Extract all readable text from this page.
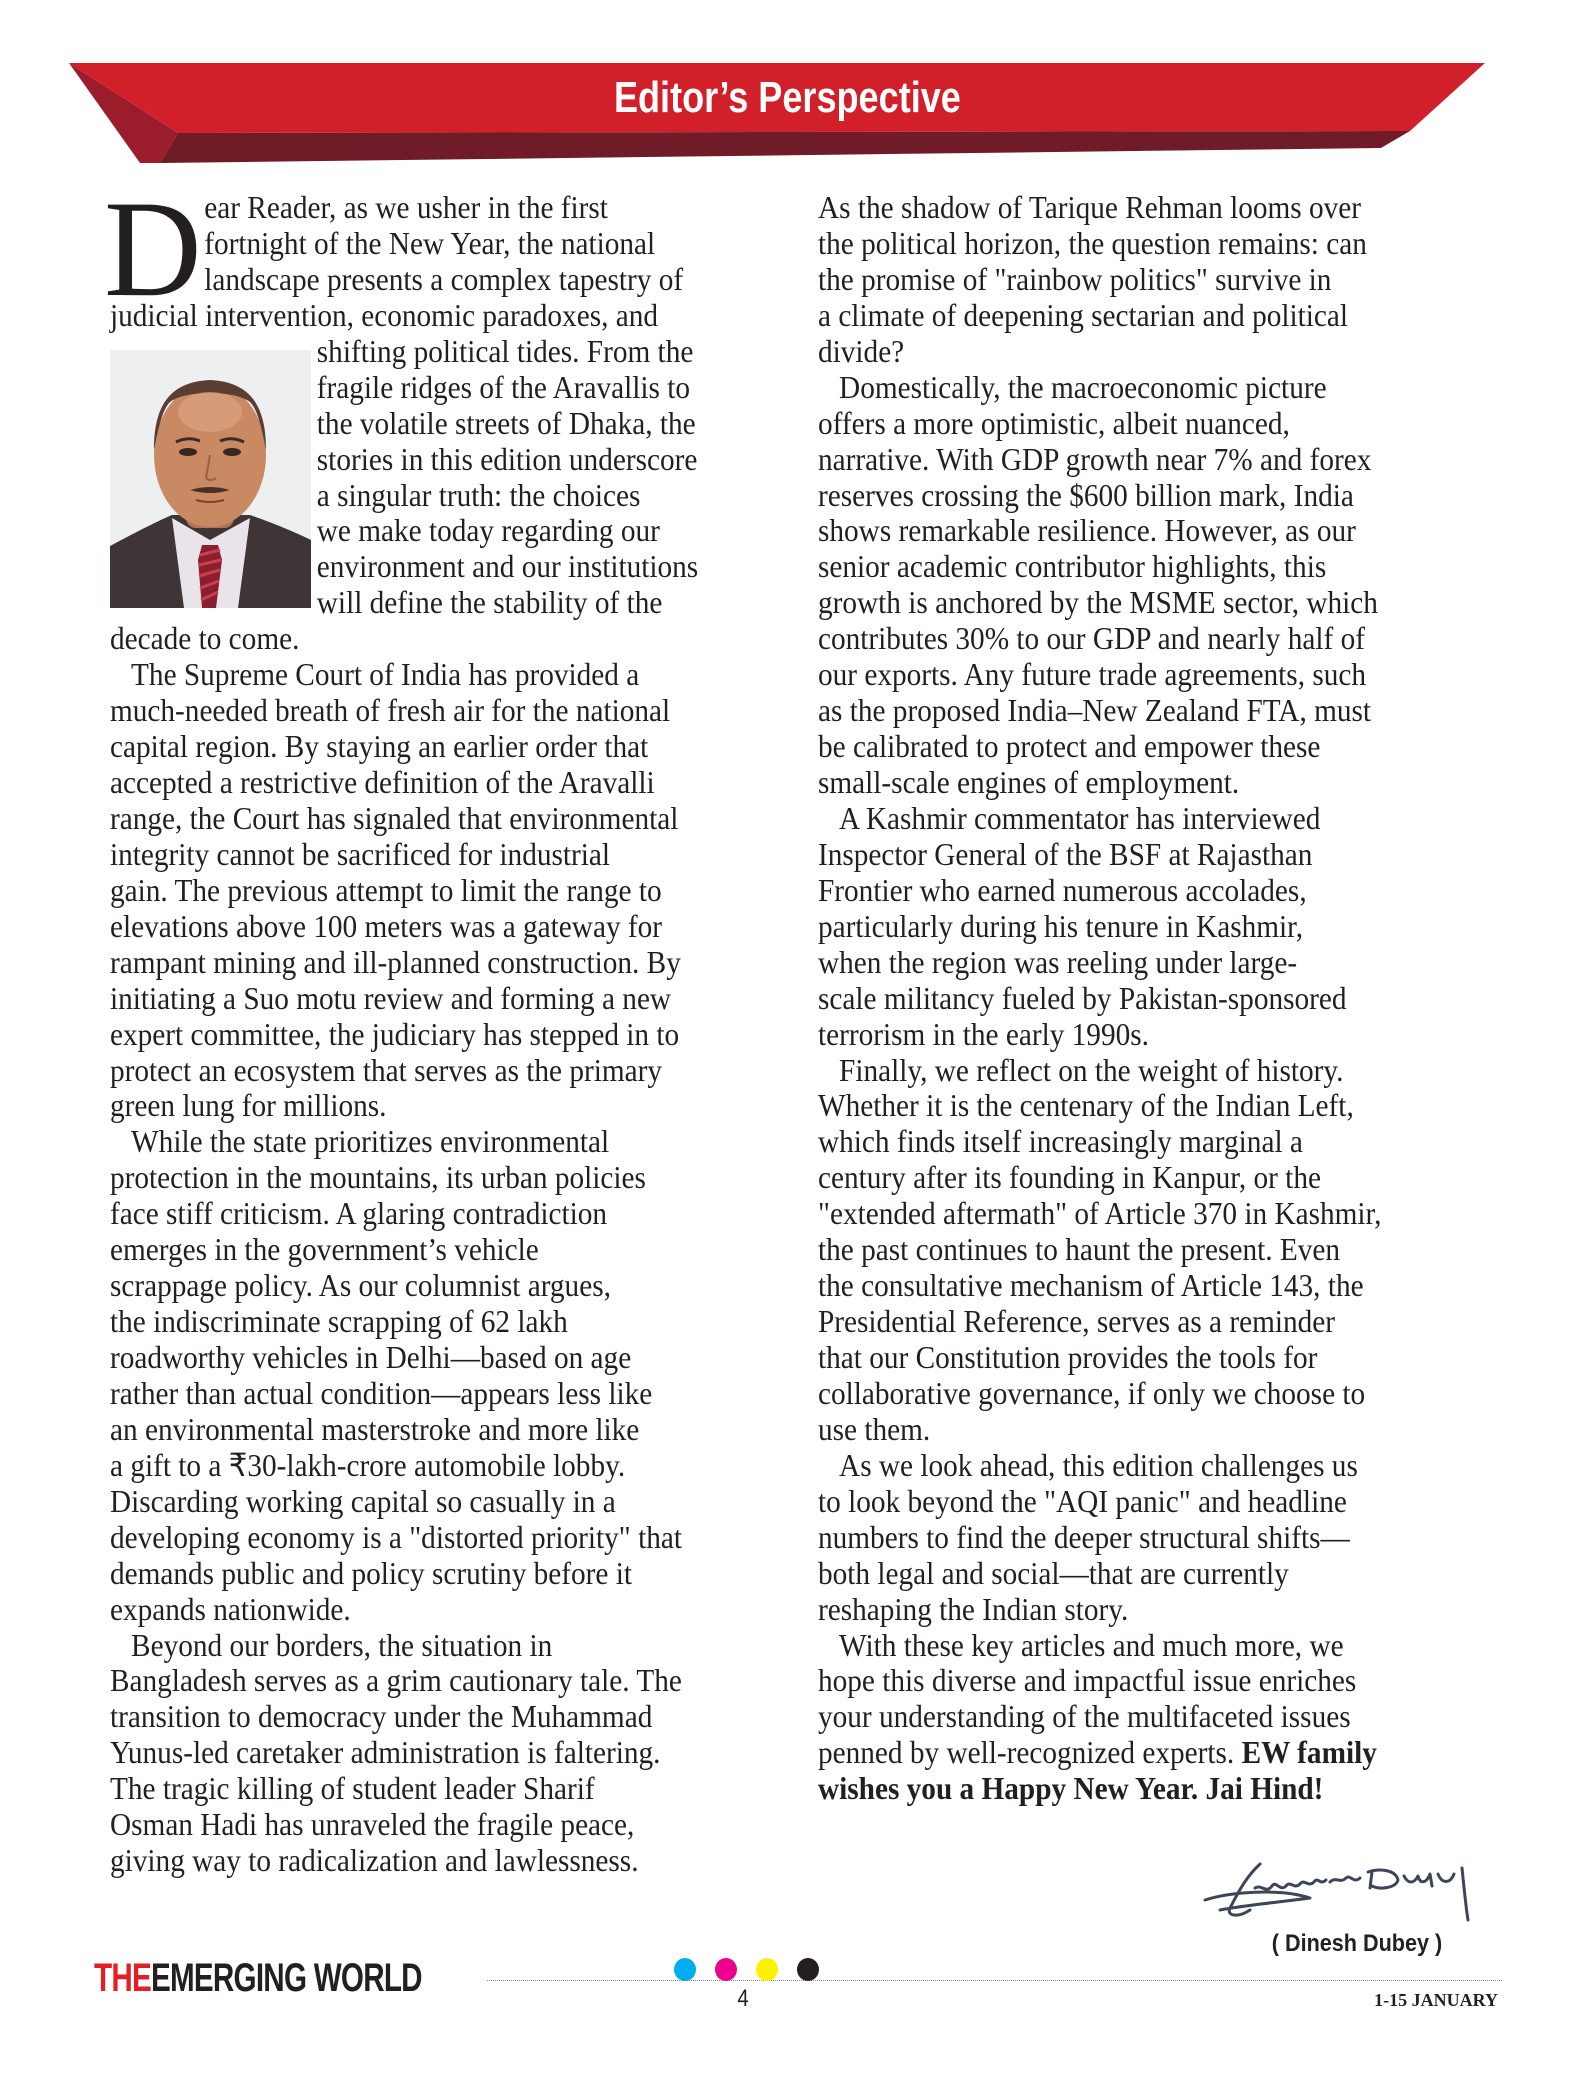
Editor’s Perspective
D ear Reader, as we usher in the first
fortnight of the New Year, the national
landscape presents a complex tapestry of
judicial intervention, economic paradoxes, and
shifting political tides. From the
fragile ridges of the Aravallis to
the volatile streets of Dhaka, the
stories in this edition underscore
a singular truth: the choices
we make today regarding our
environment and our institutions
will define the stability of the
decade to come.
The Supreme Court of India has provided a
much-needed breath of fresh air for the national
capital region. By staying an earlier order that
accepted a restrictive definition of the Aravalli
range, the Court has signaled that environmental
integrity cannot be sacrificed for industrial
gain. The previous attempt to limit the range to
elevations above 100 meters was a gateway for
rampant mining and ill-planned construction. By
initiating a Suo motu review and forming a new
expert committee, the judiciary has stepped in to
protect an ecosystem that serves as the primary
green lung for millions.
While the state prioritizes environmental
protection in the mountains, its urban policies
face stiff criticism. A glaring contradiction
emerges in the government’s vehicle
scrappage policy. As our columnist argues,
the indiscriminate scrapping of 62 lakh
roadworthy vehicles in Delhi—based on age
rather than actual condition—appears less like
an environmental masterstroke and more like
a gift to a ₹30-lakh-crore automobile lobby.
Discarding working capital so casually in a
developing economy is a "distorted priority" that
demands public and policy scrutiny before it
expands nationwide.
Beyond our borders, the situation in
Bangladesh serves as a grim cautionary tale. The
transition to democracy under the Muhammad
Yunus-led caretaker administration is faltering.
The tragic killing of student leader Sharif
Osman Hadi has unraveled the fragile peace,
giving way to radicalization and lawlessness.
As the shadow of Tarique Rehman looms over
the political horizon, the question remains: can
the promise of "rainbow politics" survive in
a climate of deepening sectarian and political
divide?
Domestically, the macroeconomic picture
offers a more optimistic, albeit nuanced,
narrative. With GDP growth near 7% and forex
reserves crossing the $600 billion mark, India
shows remarkable resilience. However, as our
senior academic contributor highlights, this
growth is anchored by the MSME sector, which
contributes 30% to our GDP and nearly half of
our exports. Any future trade agreements, such
as the proposed India–New Zealand FTA, must
be calibrated to protect and empower these
small-scale engines of employment.
A Kashmir commentator has interviewed
Inspector General of the BSF at Rajasthan
Frontier who earned numerous accolades,
particularly during his tenure in Kashmir,
when the region was reeling under large-
scale militancy fueled by Pakistan-sponsored
terrorism in the early 1990s.
Finally, we reflect on the weight of history.
Whether it is the centenary of the Indian Left,
which finds itself increasingly marginal a
century after its founding in Kanpur, or the
"extended aftermath" of Article 370 in Kashmir,
the past continues to haunt the present. Even
the consultative mechanism of Article 143, the
Presidential Reference, serves as a reminder
that our Constitution provides the tools for
collaborative governance, if only we choose to
use them.
As we look ahead, this edition challenges us
to look beyond the "AQI panic" and headline
numbers to find the deeper structural shifts—
both legal and social—that are currently
reshaping the Indian story.
With these key articles and much more, we
hope this diverse and impactful issue enriches
your understanding of the multifaceted issues
penned by well-recognized experts. EW family
wishes you a Happy New Year. Jai Hind!
( Dinesh Dubey )
THEEMERGING WORLD	4	1-15 JANUARY
